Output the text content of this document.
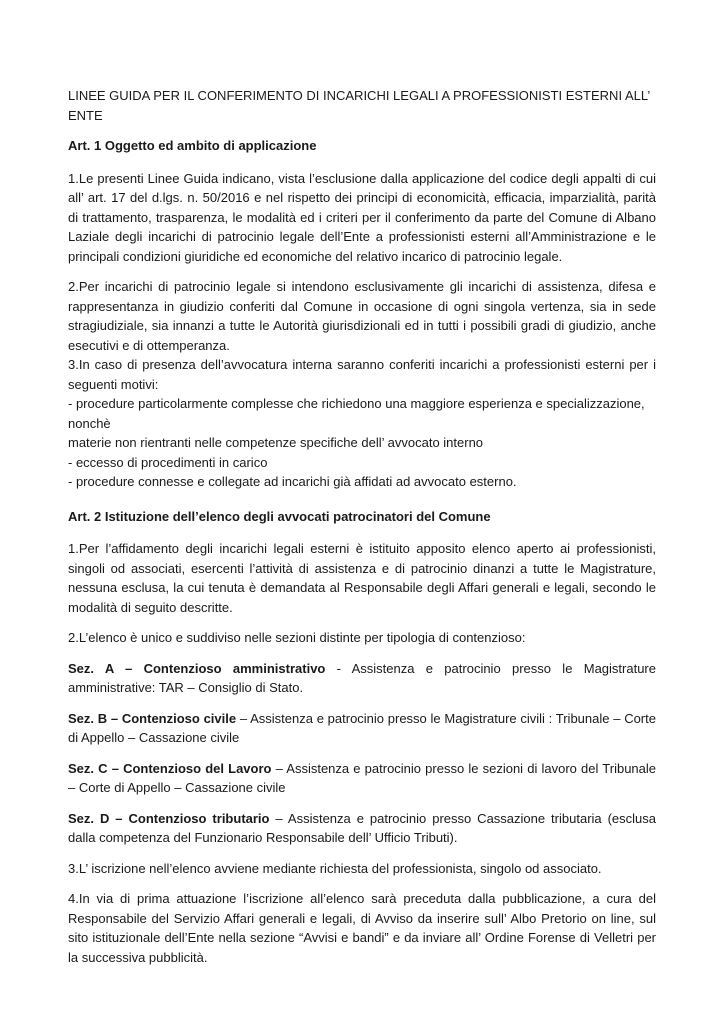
LINEE GUIDA PER IL CONFERIMENTO DI INCARICHI LEGALI A PROFESSIONISTI ESTERNI ALL’ ENTE

Art. 1 Oggetto ed ambito di applicazione

1.Le presenti Linee Guida indicano, vista l’esclusione dalla applicazione del codice degli appalti di cui all’ art. 17 del d.lgs. n. 50/2016 e nel rispetto dei principi di economicità, efficacia, imparzialità, parità di trattamento, trasparenza, le modalità ed i criteri per il conferimento da parte del Comune di Albano Laziale degli incarichi di patrocinio legale dell’Ente a professionisti esterni all’Amministrazione e le principali condizioni giuridiche ed economiche del relativo incarico di patrocinio legale.

2.Per incarichi di patrocinio legale si intendono esclusivamente gli incarichi di assistenza, difesa e rappresentanza in giudizio conferiti dal Comune in occasione di ogni singola vertenza, sia in sede stragiudiziale, sia innanzi a tutte le Autorità giurisdizionali ed in tutti i possibili gradi di giudizio, anche esecutivi e di ottemperanza.

3.In caso di presenza dell’avvocatura interna saranno conferiti incarichi a professionisti esterni per i seguenti motivi:

- procedure particolarmente complesse che richiedono una maggiore esperienza e specializzazione, nonchè
materie non rientranti nelle competenze specifiche dell’ avvocato interno
- eccesso di procedimenti in carico
- procedure connesse e collegate ad incarichi già affidati ad avvocato esterno.

Art. 2 Istituzione dell’elenco degli avvocati patrocinatori del Comune

1.Per l’affidamento degli incarichi legali esterni è istituito apposito elenco aperto ai professionisti, singoli od associati, esercenti l’attività di assistenza e di patrocinio dinanzi a tutte le Magistrature, nessuna esclusa, la cui tenuta è demandata al Responsabile degli Affari generali e legali, secondo le modalità di seguito descritte.

2.L’elenco è unico e suddiviso nelle sezioni distinte per tipologia di contenzioso:

Sez. A – Contenzioso amministrativo - Assistenza e patrocinio presso le Magistrature amministrative: TAR – Consiglio di Stato.

Sez. B – Contenzioso civile – Assistenza e patrocinio presso le Magistrature civili : Tribunale – Corte di Appello – Cassazione civile

Sez. C – Contenzioso del Lavoro – Assistenza e patrocinio presso le sezioni di lavoro del Tribunale – Corte di Appello – Cassazione civile

Sez. D – Contenzioso tributario – Assistenza e patrocinio presso Cassazione tributaria (esclusa dalla competenza del Funzionario Responsabile dell’ Ufficio Tributi).

3.L’ iscrizione nell’elenco avviene mediante richiesta del professionista, singolo od associato.

4.In via di prima attuazione l’iscrizione all’elenco sarà preceduta dalla pubblicazione, a cura del Responsabile del Servizio Affari generali e legali, di Avviso da inserire sull’ Albo Pretorio on line, sul sito istituzionale dell’Ente nella sezione “Avvisi e bandi” e da inviare all’ Ordine Forense di Velletri per la successiva pubblicità.
